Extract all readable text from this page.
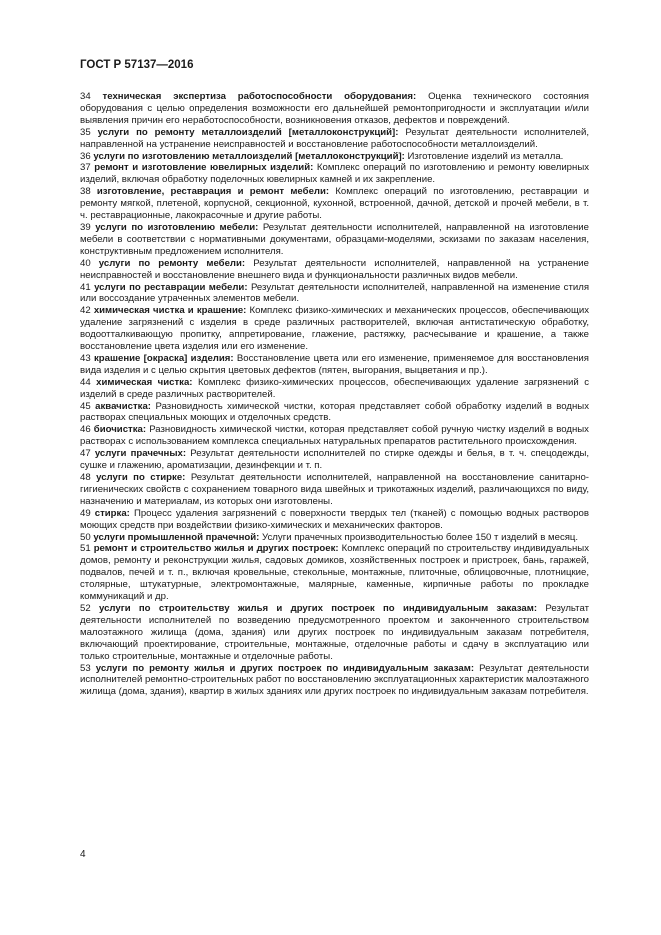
ГОСТ Р 57137—2016

34 техническая экспертиза работоспособности оборудования: Оценка технического состояния оборудования с целью определения возможности его дальнейшей ремонтопригодности и эксплуатации и/или выявления причин его неработоспособности, возникновения отказов, дефектов и повреждений.

35 услуги по ремонту металлоизделий [металлоконструкций]: Результат деятельности исполнителей, направленной на устранение неисправностей и восстановление работоспособности металлоизделий.

36 услуги по изготовлению металлоизделий [металлоконструкций]: Изготовление изделий из металла.

37 ремонт и изготовление ювелирных изделий: Комплекс операций по изготовлению и ремонту ювелирных изделий, включая обработку поделочных ювелирных камней и их закрепление.

38 изготовление, реставрация и ремонт мебели: Комплекс операций по изготовлению, реставрации и ремонту мягкой, плетеной, корпусной, секционной, кухонной, встроенной, дачной, детской и прочей мебели, в т. ч. реставрационные, лакокрасочные и другие работы.

39 услуги по изготовлению мебели: Результат деятельности исполнителей, направленной на изготовление мебели в соответствии с нормативными документами, образцами-моделями, эскизами по заказам населения, конструктивным предложением исполнителя.

40 услуги по ремонту мебели: Результат деятельности исполнителей, направленной на устранение неисправностей и восстановление внешнего вида и функциональности различных видов мебели.

41 услуги по реставрации мебели: Результат деятельности исполнителей, направленной на изменение стиля или воссоздание утраченных элементов мебели.

42 химическая чистка и крашение: Комплекс физико-химических и механических процессов, обеспечивающих удаление загрязнений с изделия в среде различных растворителей, включая антистатическую обработку, водоотталкивающую пропитку, аппретирование, глажение, растяжку, расчесывание и крашение, а также восстановление цвета изделия или его изменение.

43 крашение [окраска] изделия: Восстановление цвета или его изменение, применяемое для восстановления вида изделия и с целью скрытия цветовых дефектов (пятен, выгорания, выцветания и пр.).

44 химическая чистка: Комплекс физико-химических процессов, обеспечивающих удаление загрязнений с изделий в среде различных растворителей.

45 аквачистка: Разновидность химической чистки, которая представляет собой обработку изделий в водных растворах специальных моющих и отделочных средств.

46 биочистка: Разновидность химической чистки, которая представляет собой ручную чистку изделий в водных растворах с использованием комплекса специальных натуральных препаратов растительного происхождения.

47 услуги прачечных: Результат деятельности исполнителей по стирке одежды и белья, в т. ч. спецодежды, сушке и глажению, ароматизации, дезинфекции и т. п.

48 услуги по стирке: Результат деятельности исполнителей, направленной на восстановление санитарно-гигиенических свойств с сохранением товарного вида швейных и трикотажных изделий, различающихся по виду, назначению и материалам, из которых они изготовлены.

49 стирка: Процесс удаления загрязнений с поверхности твердых тел (тканей) с помощью водных растворов моющих средств при воздействии физико-химических и механических факторов.

50 услуги промышленной прачечной: Услуги прачечных производительностью более 150 т изделий в месяц.

51 ремонт и строительство жилья и других построек: Комплекс операций по строительству индивидуальных домов, ремонту и реконструкции жилья, садовых домиков, хозяйственных построек и пристроек, бань, гаражей, подвалов, печей и т. п., включая кровельные, стекольные, монтажные, плиточные, облицовочные, плотницкие, столярные, штукатурные, электромонтажные, малярные, каменные, кирпичные работы по прокладке коммуникаций и др.

52 услуги по строительству жилья и других построек по индивидуальным заказам: Результат деятельности исполнителей по возведению предусмотренного проектом и законченного строительством малоэтажного жилища (дома, здания) или других построек по индивидуальным заказам потребителя, включающий проектирование, строительные, монтажные, отделочные работы и сдачу в эксплуатацию или только строительные, монтажные и отделочные работы.

53 услуги по ремонту жилья и других построек по индивидуальным заказам: Результат деятельности исполнителей ремонтно-строительных работ по восстановлению эксплуатационных характеристик малоэтажного жилища (дома, здания), квартир в жилых зданиях или других построек по индивидуальным заказам потребителя.

4
